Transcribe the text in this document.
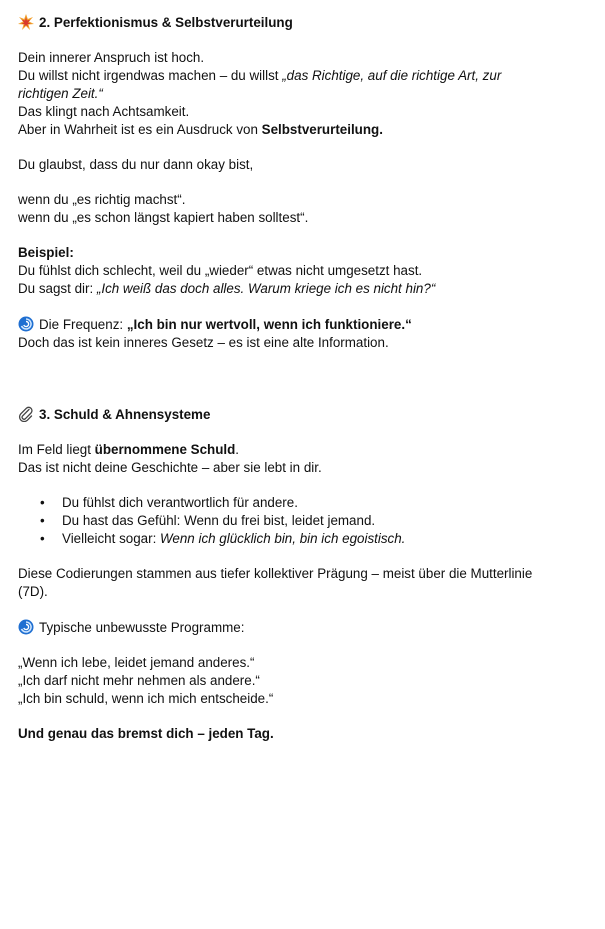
2. Perfektionismus & Selbstverurteilung
Dein innerer Anspruch ist hoch.
Du willst nicht irgendwas machen – du willst „das Richtige, auf die richtige Art, zur
richtigen Zeit.“
Das klingt nach Achtsamkeit.
Aber in Wahrheit ist es ein Ausdruck von Selbstverurteilung.
Du glaubst, dass du nur dann okay bist,
wenn du „es richtig machst“.
wenn du „es schon längst kapiert haben solltest“.
Beispiel:
Du fühlst dich schlecht, weil du „wieder“ etwas nicht umgesetzt hast.
Du sagst dir: „Ich weiß das doch alles. Warum kriege ich es nicht hin?“
Die Frequenz: „Ich bin nur wertvoll, wenn ich funktioniere.“
Doch das ist kein inneres Gesetz – es ist eine alte Information.
3. Schuld & Ahnensysteme
Im Feld liegt übernommene Schuld.
Das ist nicht deine Geschichte – aber sie lebt in dir.
• Du fühlst dich verantwortlich für andere.
• Du hast das Gefühl: Wenn du frei bist, leidet jemand.
• Vielleicht sogar: Wenn ich glücklich bin, bin ich egoistisch.
Diese Codierungen stammen aus tiefer kollektiver Prägung – meist über die Mutterlinie
(7D).
Typische unbewusste Programme:
„Wenn ich lebe, leidet jemand anderes.“
„Ich darf nicht mehr nehmen als andere.“
„Ich bin schuld, wenn ich mich entscheide.“
Und genau das bremst dich – jeden Tag.
